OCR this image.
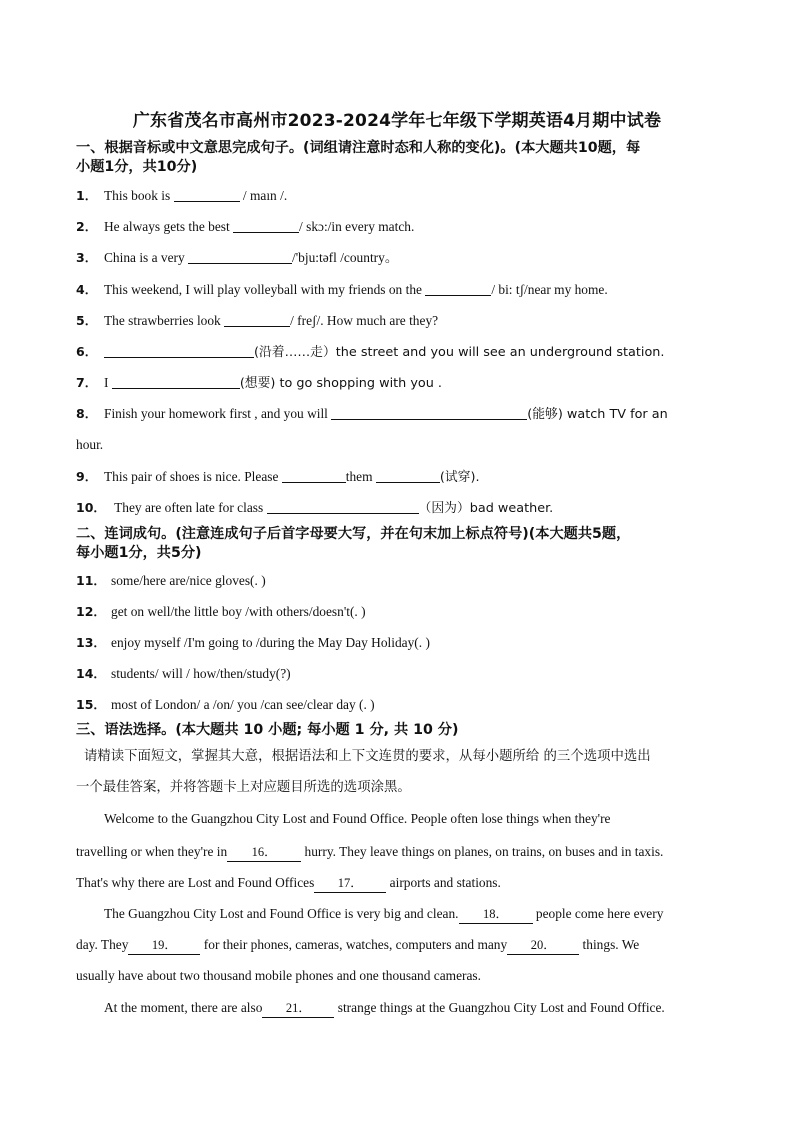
广东省茂名市高州市2023-2024学年七年级下学期英语4月期中试卷
一、根据音标或中文意思完成句子。(词组请注意时态和人称的变化)。(本大题共10题，每
小题1分，共10分)
1． This book is	/ maın /.
2． He always gets the best	/ skɔ:/in every match.
3． China is a very	/'bju:təfl /country。
4． This weekend, I will play volleyball with my friends on the	/ bi: tʃ/near my home.
5． The strawberries look	/ freʃ/. How much are they?
6．	(沿着……走）the street and you will see an underground station.
7． I	(想要) to go shopping with you .
8． Finish your homework first , and you will	(能够) watch TV for an
hour.
9． This pair of shoes is nice. Please	them	(试穿).
10． They are often late for class	（因为）bad weather.
二、连词成句。(注意连成句子后首字母要大写，并在句末加上标点符号)(本大题共5题，
每小题1分，共5分)
11． some/here are/nice gloves(. )
12． get on well/the little boy /with others/doesn't(. )
13． enjoy myself /I'm going to /during the May Day Holiday(. )
14． students/ will / how/then/study(?)
15． most of London/ a /on/ you /can see/clear day (. )
三、语法选择。(本大题共 10 小题; 每小题 1 分, 共 10 分)
请精读下面短文，掌握其大意，根据语法和上下文连贯的要求，从每小题所给 的三个选项中选出
一个最佳答案，并将答题卡上对应题目所选的选项涂黑。
Welcome to the Guangzhou City Lost and Found Office. People often lose things when they're
travelling or when they're in 16． hurry. They leave things on planes, on trains, on buses and in taxis.
That's why there are Lost and Found Offices 17． airports and stations.
The Guangzhou City Lost and Found Office is very big and clean. 18． people come here every
day. They 19． for their phones, cameras, watches, computers and many 20． things. We
usually have about two thousand mobile phones and one thousand cameras.
At the moment, there are also 21． strange things at the Guangzhou City Lost and Found Office.
